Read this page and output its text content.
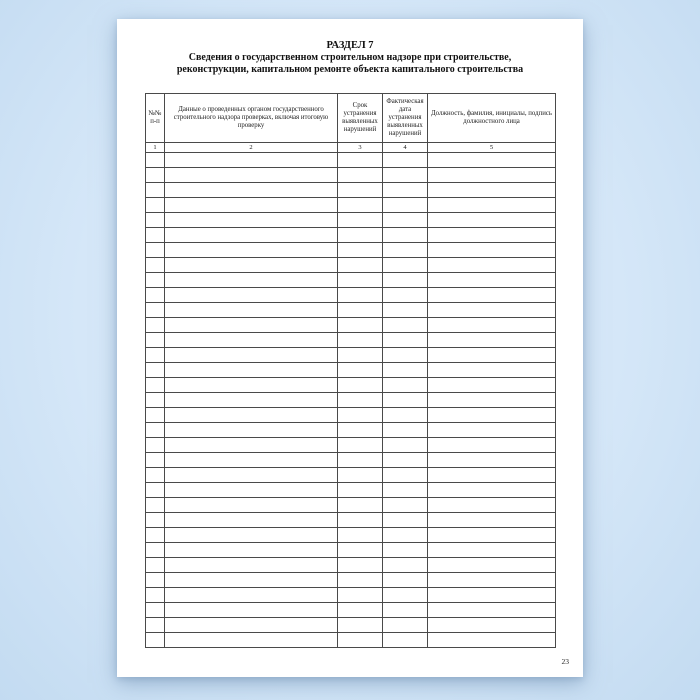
РАЗДЕЛ 7
Сведения о государственном строительном надзоре при строительстве,
реконструкции, капитальном ремонте объекта капитального строительства
№№ п-п	Данные о проведенных органом государственного строительного надзора проверках, включая итоговую проверку	Срок устранения выявленных нарушений	Фактическая дата устранения выявленных нарушений	Должность, фамилия, инициалы, подпись должностного лица
1	2	3	4	5

23
